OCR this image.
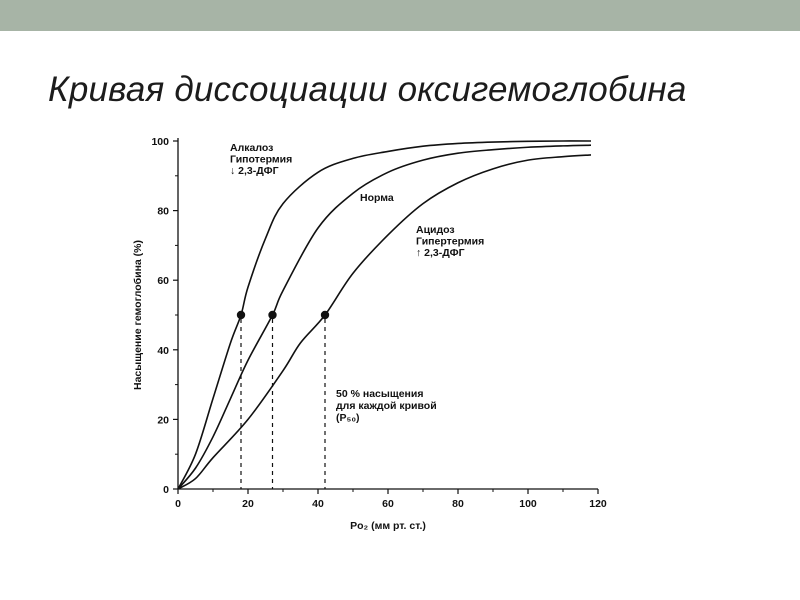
Кривая диссоциации оксигемоглобина
0	20	40	60	80	100	120
0
20
40
60
80
100
Po₂ (мм рт. ст.)
Насыщение гемоглобина (%)
Алкалоз
Гипотермия
↓ 2,3-ДФГ
Норма
Ацидоз
Гипертермия
↑ 2,3-ДФГ
50 % насыщения
для каждой кривой
(P₅₀)
